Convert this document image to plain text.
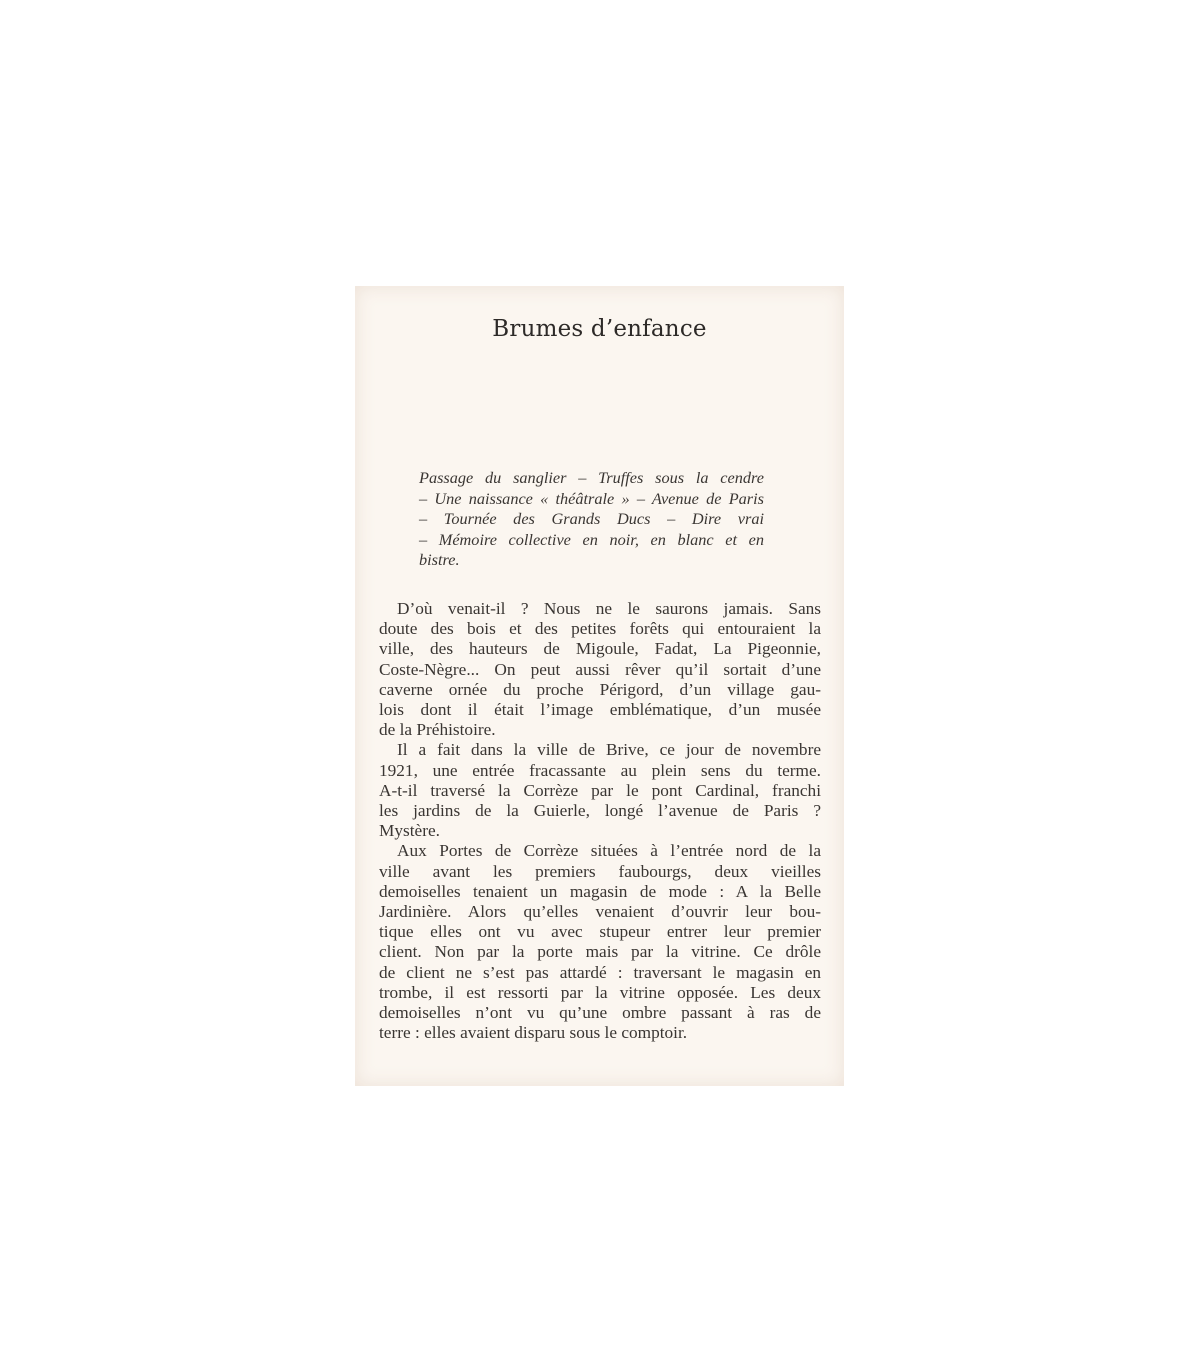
Brumes d’enfance
Passage du sanglier – Truffes sous la cendre
– Une naissance « théâtrale » – Avenue de Paris
– Tournée des Grands Ducs – Dire vrai
– Mémoire collective en noir, en blanc et en
bistre.
D’où venait-il ? Nous ne le saurons jamais. Sans
doute des bois et des petites forêts qui entouraient la
ville, des hauteurs de Migoule, Fadat, La Pigeonnie,
Coste-Nègre... On peut aussi rêver qu’il sortait d’une
caverne ornée du proche Périgord, d’un village gau-
lois dont il était l’image emblématique, d’un musée
de la Préhistoire.
Il a fait dans la ville de Brive, ce jour de novembre
1921, une entrée fracassante au plein sens du terme.
A-t-il traversé la Corrèze par le pont Cardinal, franchi
les jardins de la Guierle, longé l’avenue de Paris ?
Mystère.
Aux Portes de Corrèze situées à l’entrée nord de la
ville avant les premiers faubourgs, deux vieilles
demoiselles tenaient un magasin de mode : A la Belle
Jardinière. Alors qu’elles venaient d’ouvrir leur bou-
tique elles ont vu avec stupeur entrer leur premier
client. Non par la porte mais par la vitrine. Ce drôle
de client ne s’est pas attardé : traversant le magasin en
trombe, il est ressorti par la vitrine opposée. Les deux
demoiselles n’ont vu qu’une ombre passant à ras de
terre : elles avaient disparu sous le comptoir.
